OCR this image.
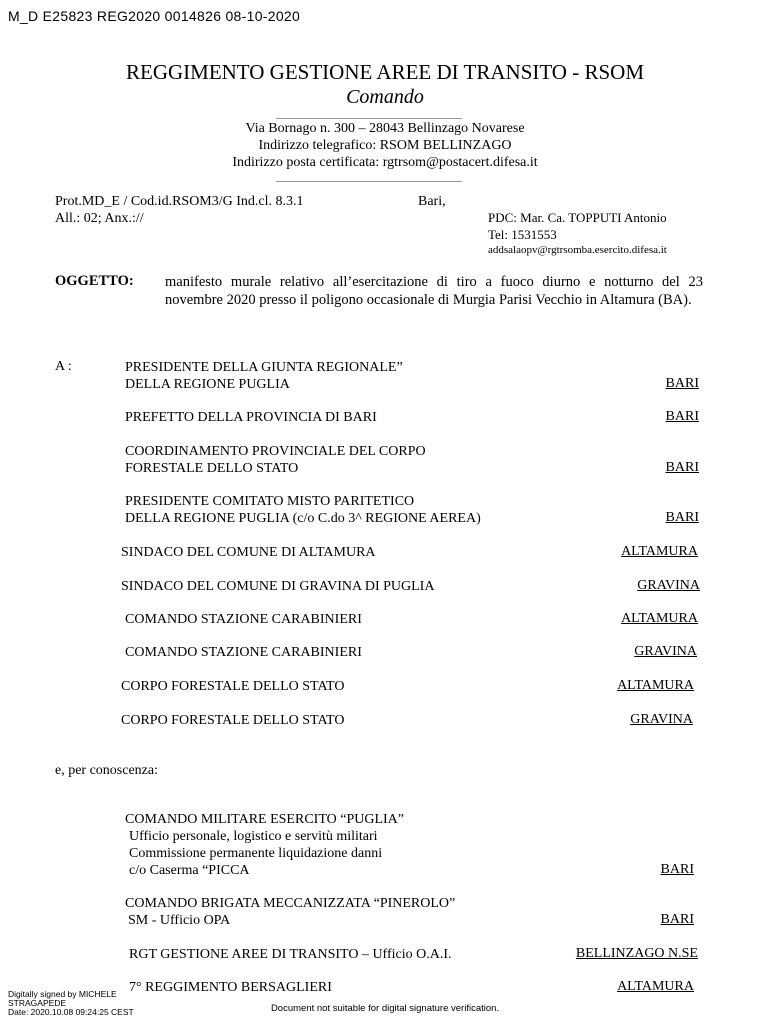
M_D E25823 REG2020 0014826 08-10-2020
REGGIMENTO GESTIONE AREE DI TRANSITO - RSOM
Comando
Via Bornago n. 300 – 28043 Bellinzago Novarese
Indirizzo telegrafico: RSOM BELLINZAGO
Indirizzo posta certificata: rgtrsom@postacert.difesa.it
Prot.MD_E / Cod.id.RSOM3/G Ind.cl. 8.3.1	Bari,
All.: 02; Anx.://	PDC: Mar. Ca. TOPPUTI Antonio
Tel: 1531553
addsalaopv@rgtrsomba.esercito.difesa.it
OGGETTO: manifesto murale relativo all’esercitazione di tiro a fuoco diurno e notturno del 23 novembre 2020 presso il poligono occasionale di Murgia Parisi Vecchio in Altamura (BA).
A :	PRESIDENTE DELLA GIUNTA REGIONALE”
DELLA REGIONE PUGLIA	BARI
PREFETTO DELLA PROVINCIA DI BARI	BARI
COORDINAMENTO PROVINCIALE DEL CORPO
FORESTALE DELLO STATO	BARI
PRESIDENTE COMITATO MISTO PARITETICO
DELLA REGIONE PUGLIA (c/o C.do 3^ REGIONE AEREA)	BARI
SINDACO DEL COMUNE DI ALTAMURA	ALTAMURA
SINDACO DEL COMUNE DI GRAVINA DI PUGLIA	GRAVINA
COMANDO STAZIONE CARABINIERI	ALTAMURA
COMANDO STAZIONE CARABINIERI	GRAVINA
CORPO FORESTALE DELLO STATO	ALTAMURA
CORPO FORESTALE DELLO STATO	GRAVINA
e, per conoscenza:
COMANDO MILITARE ESERCITO “PUGLIA”
Ufficio personale, logistico e servitù militari
Commissione permanente liquidazione danni
c/o Caserma “PICCA	BARI
COMANDO BRIGATA MECCANIZZATA “PINEROLO”
SM - Ufficio OPA	BARI
RGT GESTIONE AREE DI TRANSITO – Ufficio O.A.I.	BELLINZAGO N.SE
7° REGGIMENTO BERSAGLIERI	ALTAMURA
Digitally signed by MICHELE
STRAGAPEDE
Date: 2020.10.08 09:24:25 CEST	Document not suitable for digital signature verification.
